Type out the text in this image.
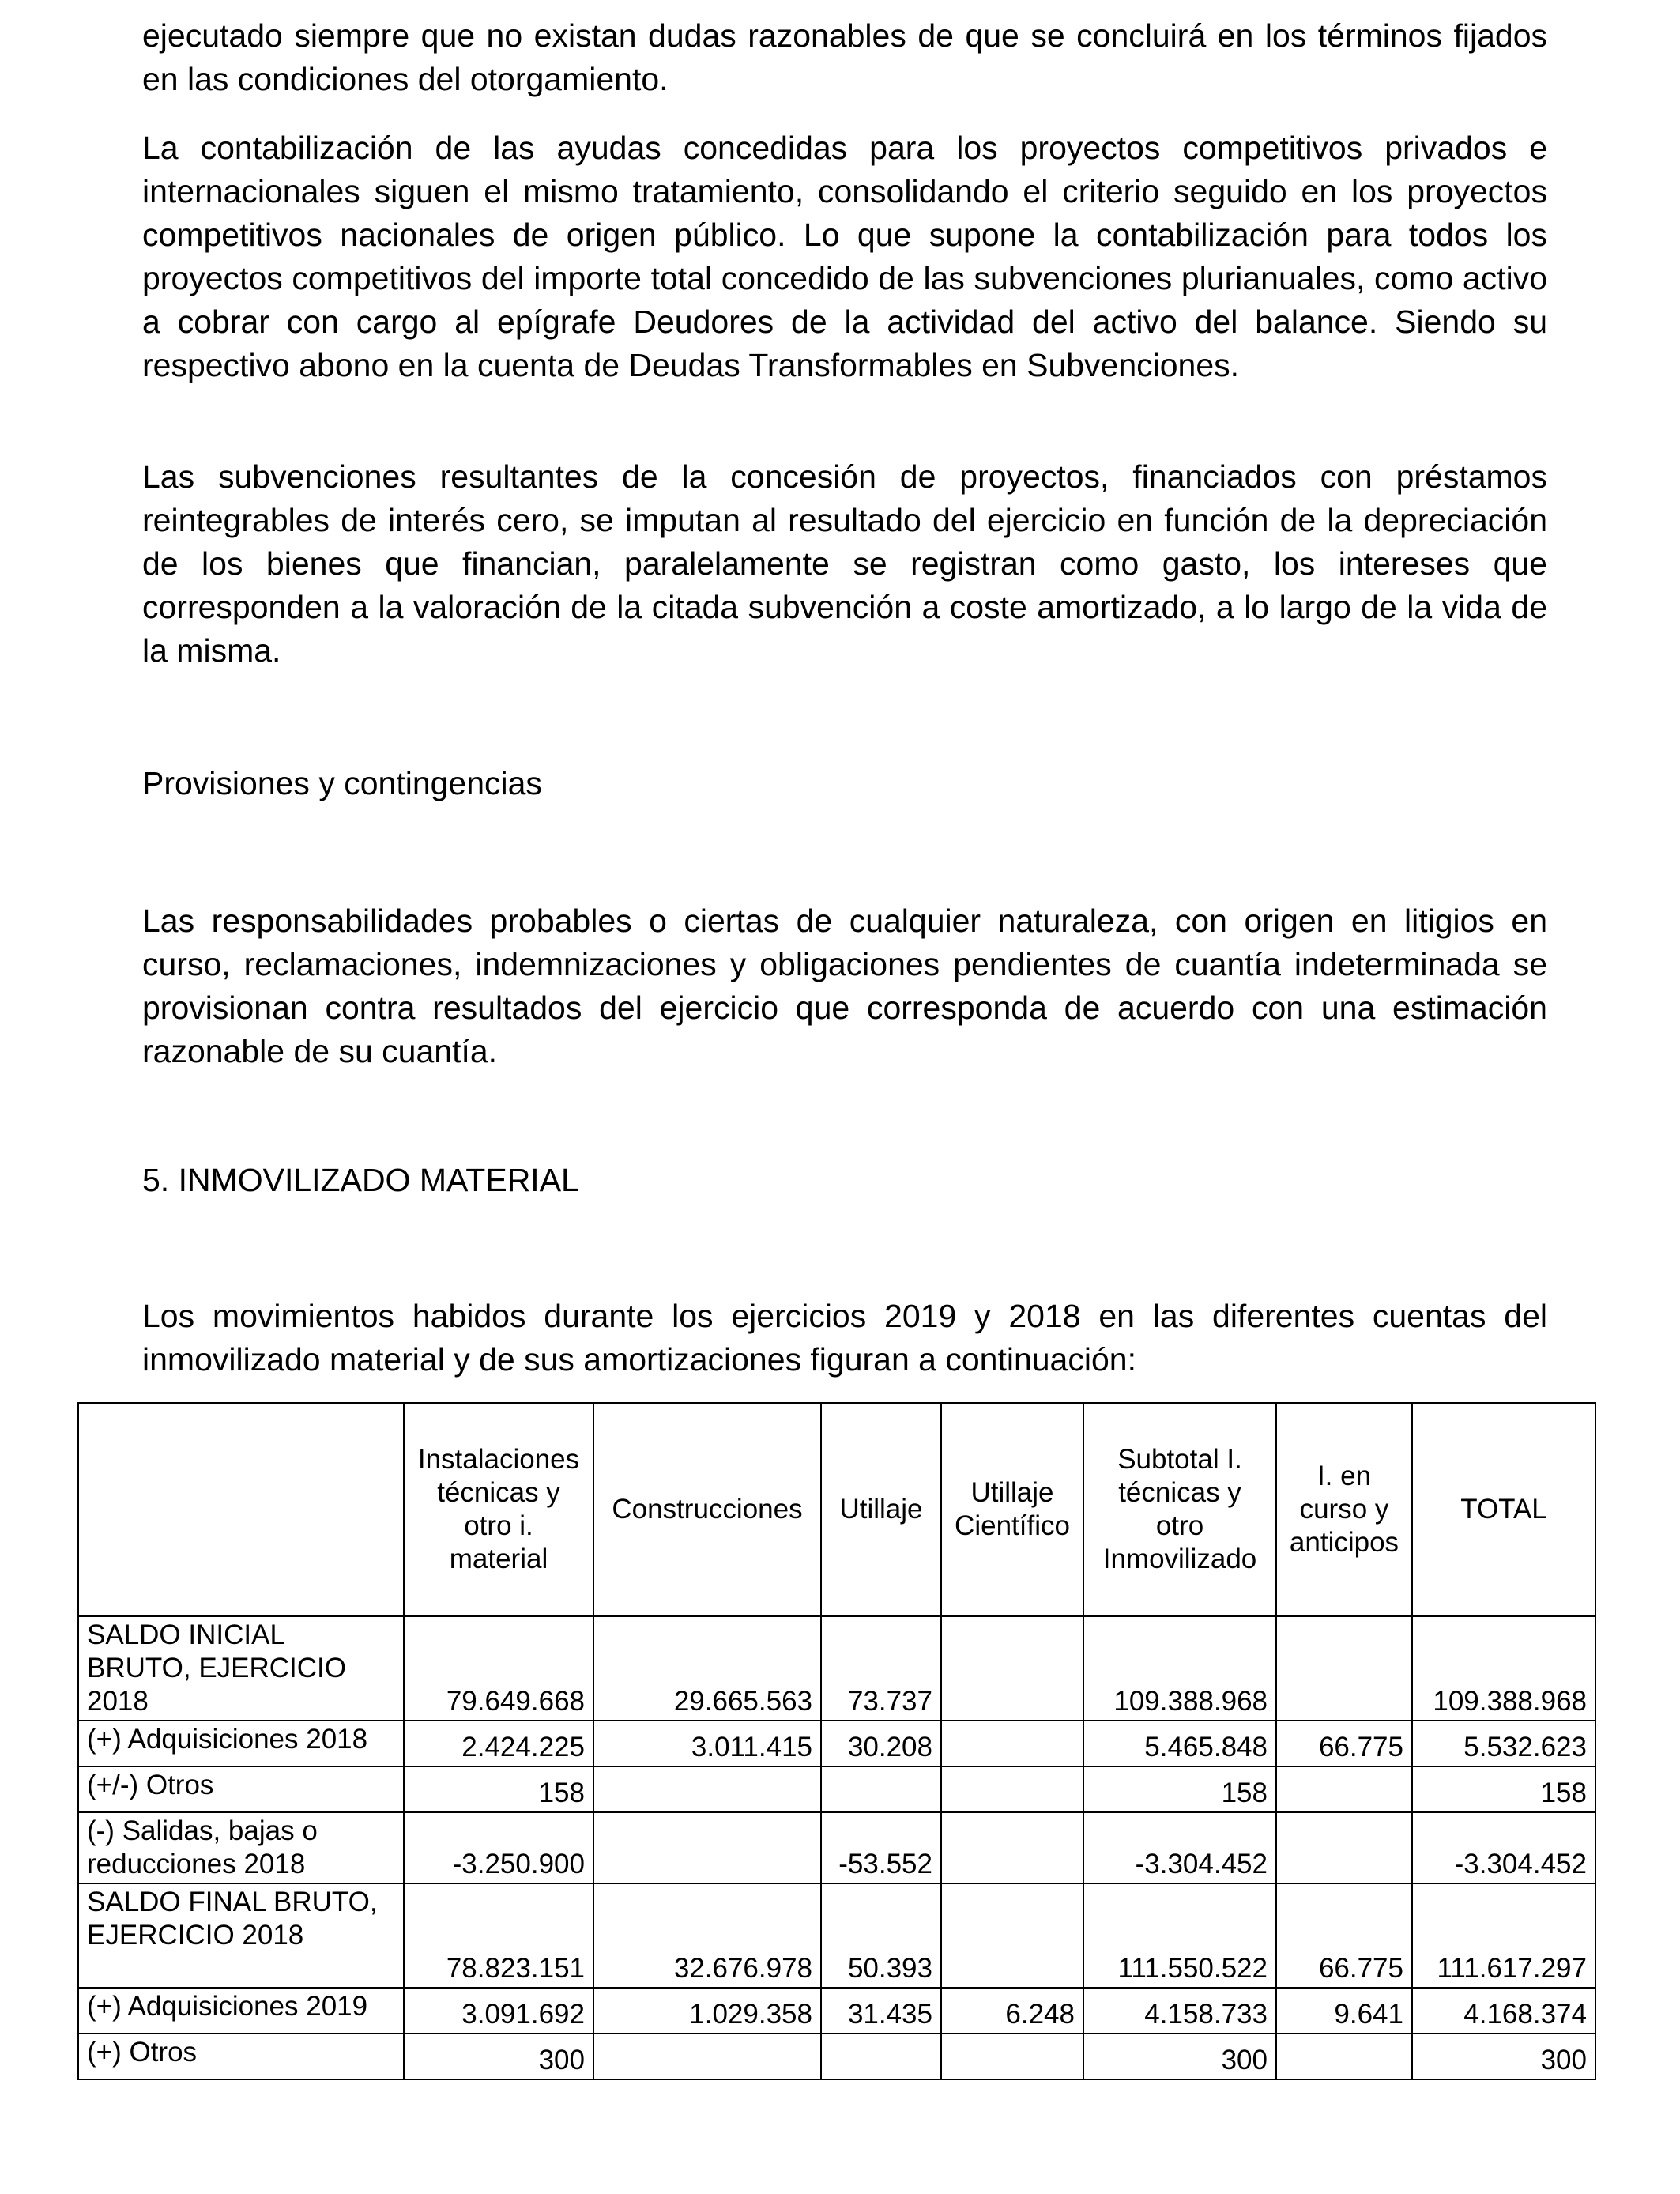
ejecutado siempre que no existan dudas razonables de que se concluirá en los términos fijados en las condiciones del otorgamiento.

La contabilización de las ayudas concedidas para los proyectos competitivos privados e internacionales siguen el mismo tratamiento, consolidando el criterio seguido en los proyectos competitivos nacionales de origen público. Lo que supone la contabilización para todos los proyectos competitivos del importe total concedido de las subvenciones plurianuales, como activo a cobrar con cargo al epígrafe Deudores de la actividad del activo del balance. Siendo su respectivo abono en la cuenta de Deudas Transformables en Subvenciones.

Las subvenciones resultantes de la concesión de proyectos, financiados con préstamos reintegrables de interés cero, se imputan al resultado del ejercicio en función de la depreciación de los bienes que financian, paralelamente se registran como gasto, los intereses que corresponden a la valoración de la citada subvención a coste amortizado, a lo largo de la vida de la misma.

Provisiones y contingencias

Las responsabilidades probables o ciertas de cualquier naturaleza, con origen en litigios en curso, reclamaciones, indemnizaciones y obligaciones pendientes de cuantía indeterminada se provisionan contra resultados del ejercicio que corresponda de acuerdo con una estimación razonable de su cuantía.

5. INMOVILIZADO MATERIAL

Los movimientos habidos durante los ejercicios 2019 y 2018 en las diferentes cuentas del inmovilizado material y de sus amortizaciones figuran a continuación:

	Instalaciones técnicas y otro i. material	Construcciones	Utillaje	Utillaje Científico	Subtotal I. técnicas y otro Inmovilizado	I. en curso y anticipos	TOTAL
SALDO INICIAL BRUTO, EJERCICIO 2018	79.649.668	29.665.563	73.737		109.388.968		109.388.968
(+) Adquisiciones 2018	2.424.225	3.011.415	30.208		5.465.848	66.775	5.532.623
(+/-) Otros	158				158		158
(-) Salidas, bajas o reducciones 2018	-3.250.900		-53.552		-3.304.452		-3.304.452
SALDO FINAL BRUTO, EJERCICIO 2018	78.823.151	32.676.978	50.393		111.550.522	66.775	111.617.297
(+) Adquisiciones 2019	3.091.692	1.029.358	31.435	6.248	4.158.733	9.641	4.168.374
(+) Otros	300				300		300
